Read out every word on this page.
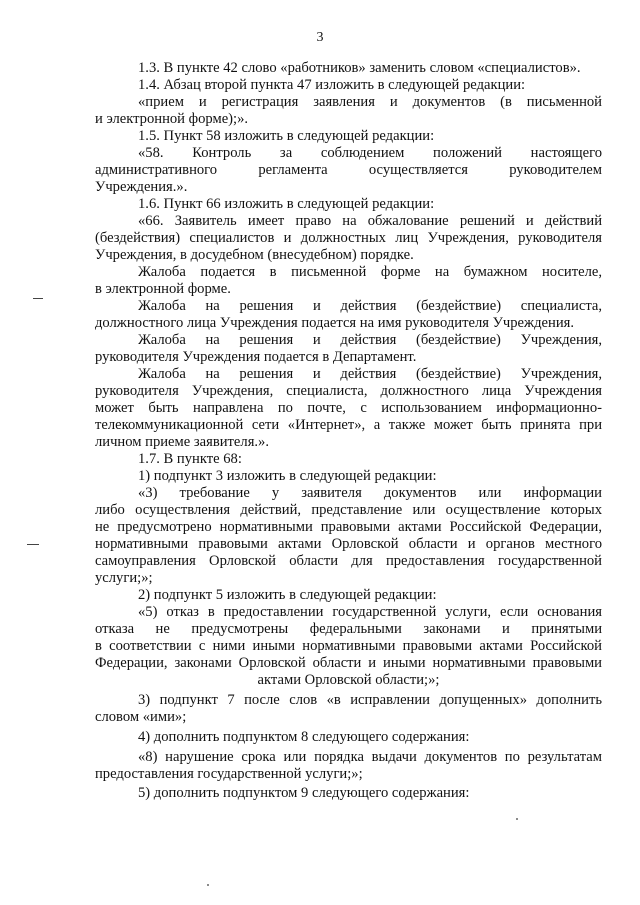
3
1.3. В пункте 42 слово «работников» заменить словом «специалистов».
1.4. Абзац второй пункта 47 изложить в следующей редакции:
«прием и регистрация заявления и документов (в письменной
и электронной форме);».
1.5. Пункт 58 изложить в следующей редакции:
«58. Контроль за соблюдением положений настоящего
административного регламента осуществляется руководителем
Учреждения.».
1.6. Пункт 66 изложить в следующей редакции:
«66. Заявитель имеет право на обжалование решений и действий
(бездействия) специалистов и должностных лиц Учреждения, руководителя
Учреждения, в досудебном (внесудебном) порядке.
Жалоба подается в письменной форме на бумажном носителе,
в электронной форме.
Жалоба на решения и действия (бездействие) специалиста,
должностного лица Учреждения подается на имя руководителя Учреждения.
Жалоба на решения и действия (бездействие) Учреждения,
руководителя Учреждения подается в Департамент.
Жалоба на решения и действия (бездействие) Учреждения,
руководителя Учреждения, специалиста, должностного лица Учреждения
может быть направлена по почте, с использованием информационно-
телекоммуникационной сети «Интернет», а также может быть принята при
личном приеме заявителя.».
1.7. В пункте 68:
1) подпункт 3 изложить в следующей редакции:
«3) требование у заявителя документов или информации
либо осуществления действий, представление или осуществление которых
не предусмотрено нормативными правовыми актами Российской Федерации,
нормативными правовыми актами Орловской области и органов местного
самоуправления Орловской области для предоставления государственной
услуги;»;
2) подпункт 5 изложить в следующей редакции:
«5) отказ в предоставлении государственной услуги, если основания
отказа не предусмотрены федеральными законами и принятыми
в соответствии с ними иными нормативными правовыми актами Российской
Федерации, законами Орловской области и иными нормативными правовыми
актами Орловской области;»;
3) подпункт 7 после слов «в исправлении допущенных» дополнить
словом «ими»;
4) дополнить подпунктом 8 следующего содержания:
«8) нарушение срока или порядка выдачи документов по результатам
предоставления государственной услуги;»;
5) дополнить подпунктом 9 следующего содержания:
